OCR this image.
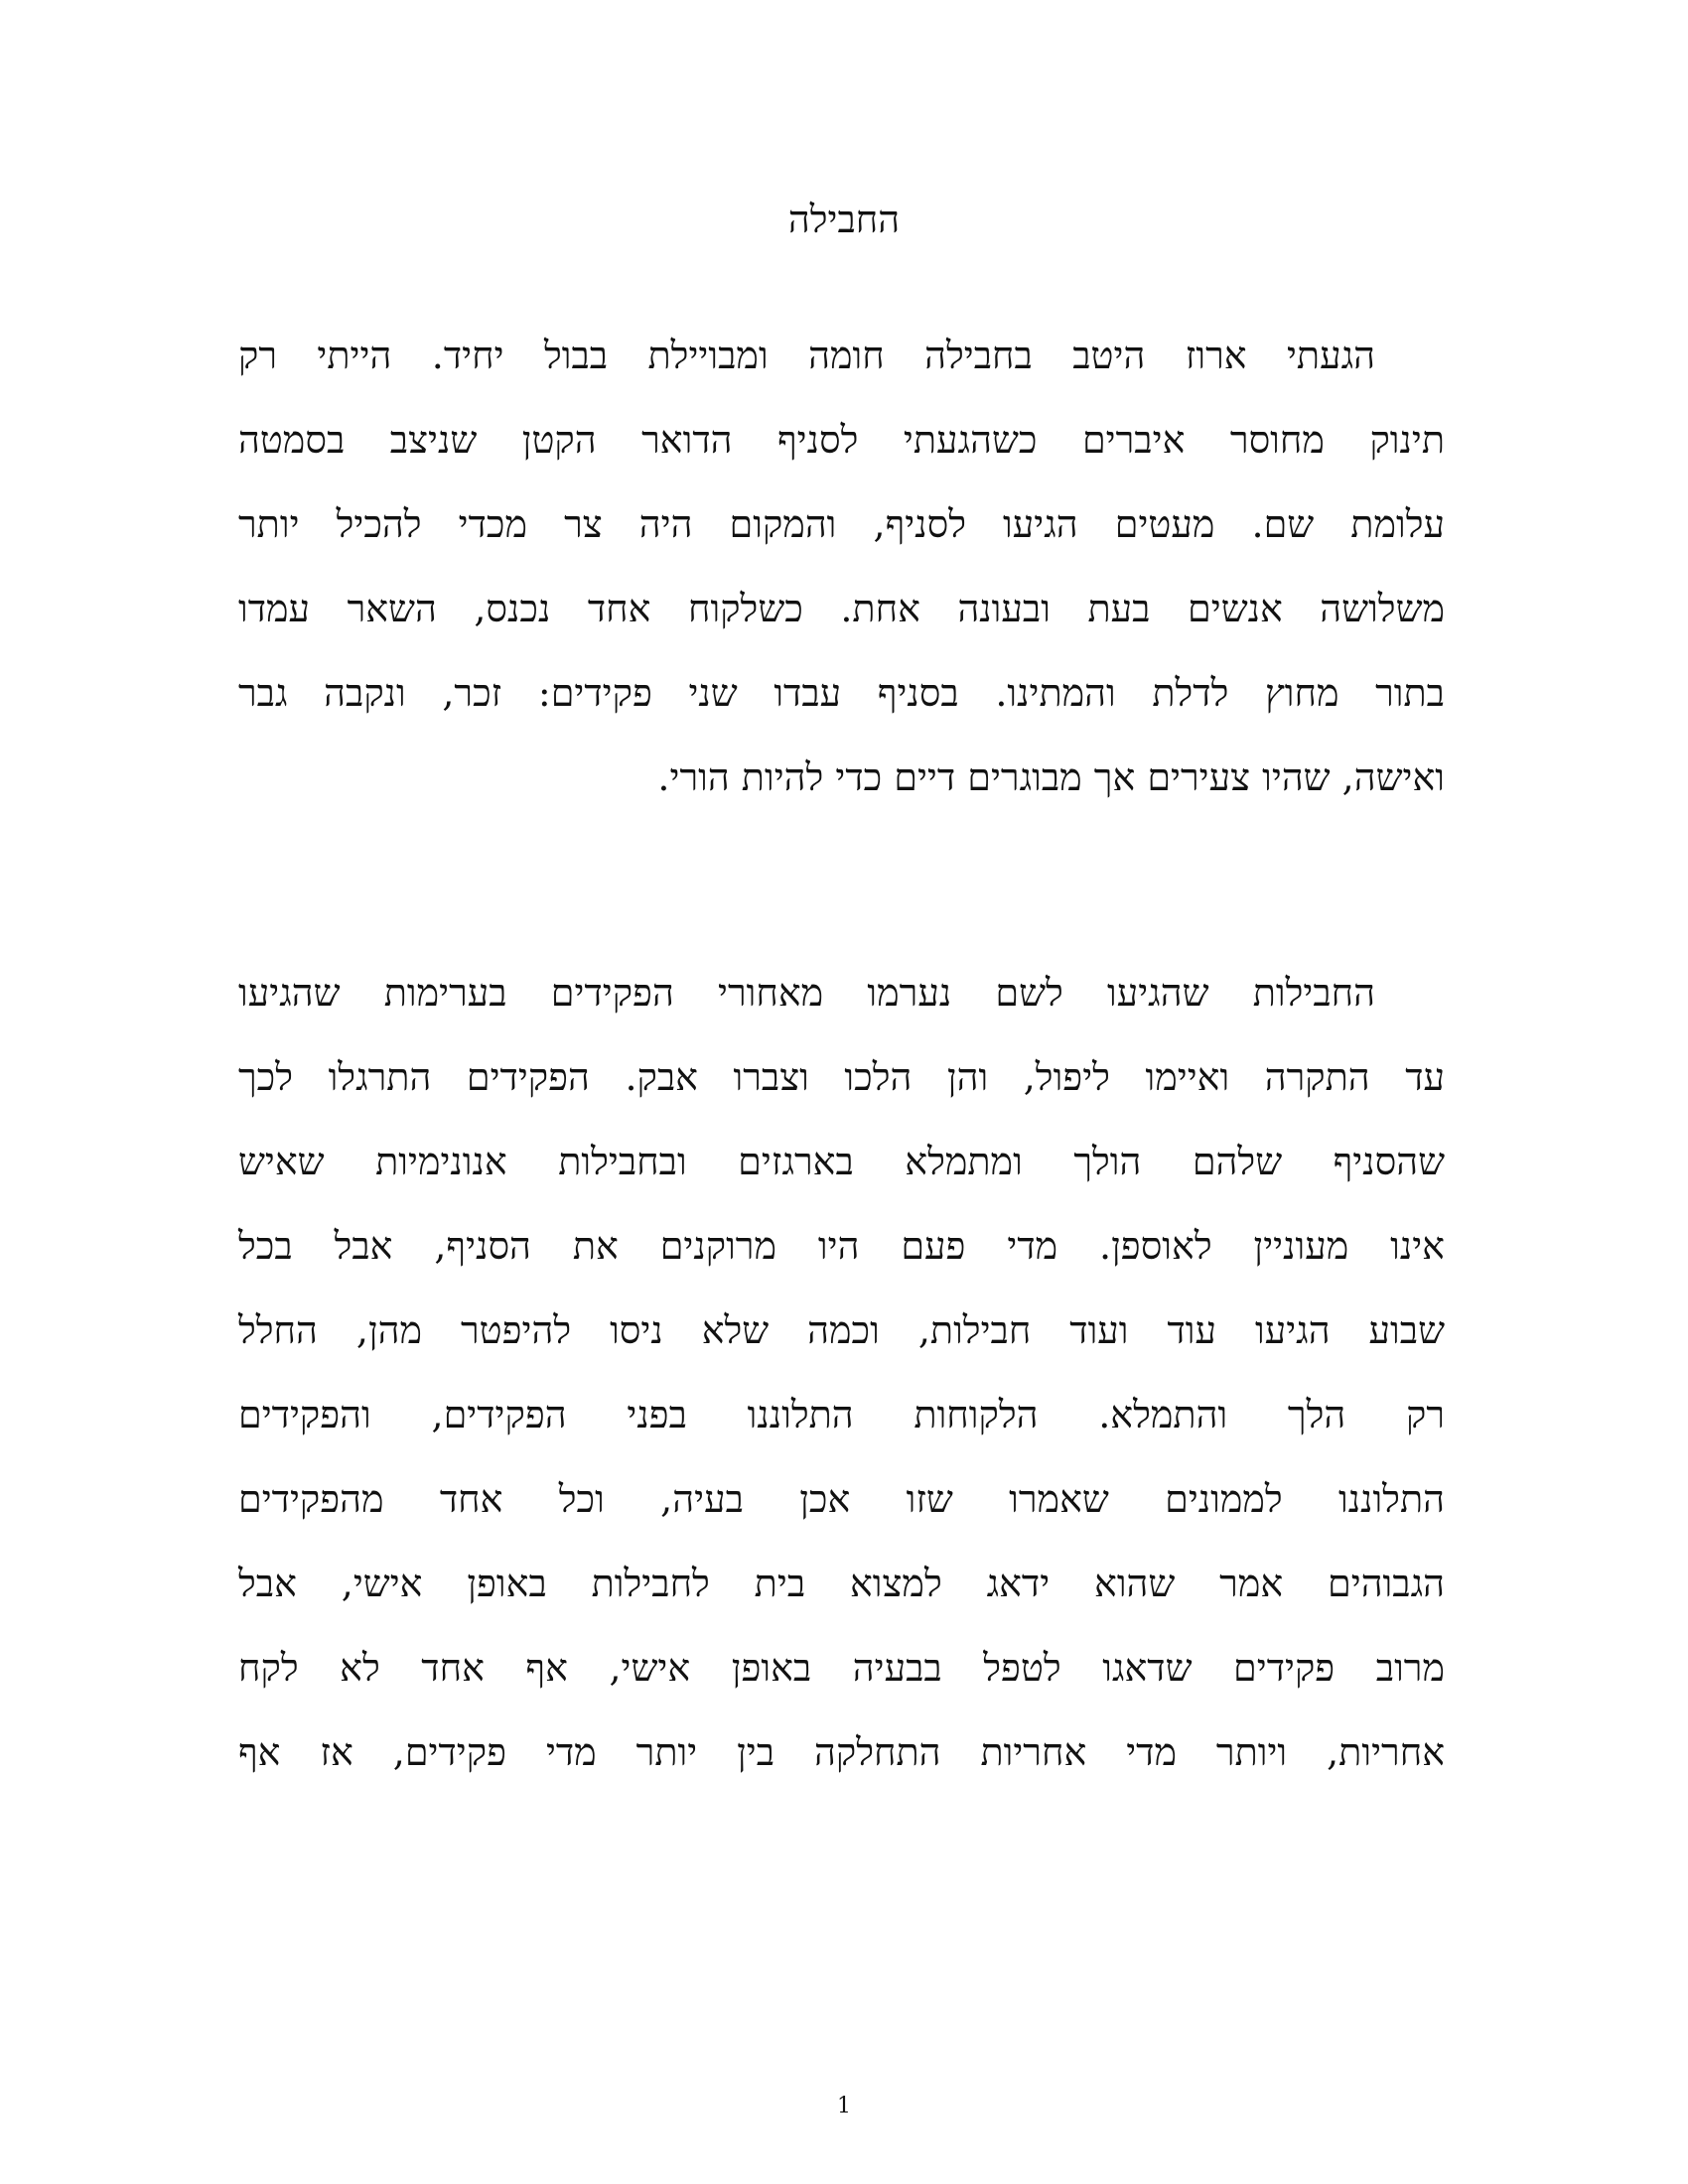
החבילה
הגעתי ארוז היטב בחבילה חומה ומבויילת בבול יחיד. הייתי רק
תינוק מחוסר איברים כשהגעתי לסניף הדואר הקטן שניצב בסמטה
עלומת שם. מעטים הגיעו לסניף, והמקום היה צר מכדי להכיל יותר
משלושה אנשים בעת ובעונה אחת. כשלקוח אחד נכנס, השאר עמדו
בתור מחוץ לדלת והמתינו. בסניף עבדו שני פקידים: זכר, ונקבה גבר
ואישה, שהיו צעירים אך מבוגרים דיים כדי להיות הורי.
החבילות שהגיעו לשם נערמו מאחורי הפקידים בערימות שהגיעו
עד התקרה ואיימו ליפול, והן הלכו וצברו אבק. הפקידים התרגלו לכך
שהסניף שלהם הולך ומתמלא בארגזים ובחבילות אנונימיות שאיש
אינו מעוניין לאוספן. מדי פעם היו מרוקנים את הסניף, אבל בכל
שבוע הגיעו עוד ועוד חבילות, וכמה שלא ניסו להיפטר מהן, החלל
רק הלך והתמלא. הלקוחות התלוננו בפני הפקידים, והפקידים
התלוננו לממונים שאמרו שזו אכן בעיה, וכל אחד מהפקידים
הגבוהים אמר שהוא ידאג למצוא בית לחבילות באופן אישי, אבל
מרוב פקידים שדאגו לטפל בבעיה באופן אישי, אף אחד לא לקח
אחריות, ויותר מדי אחריות התחלקה בין יותר מדי פקידים, אז אף
1
